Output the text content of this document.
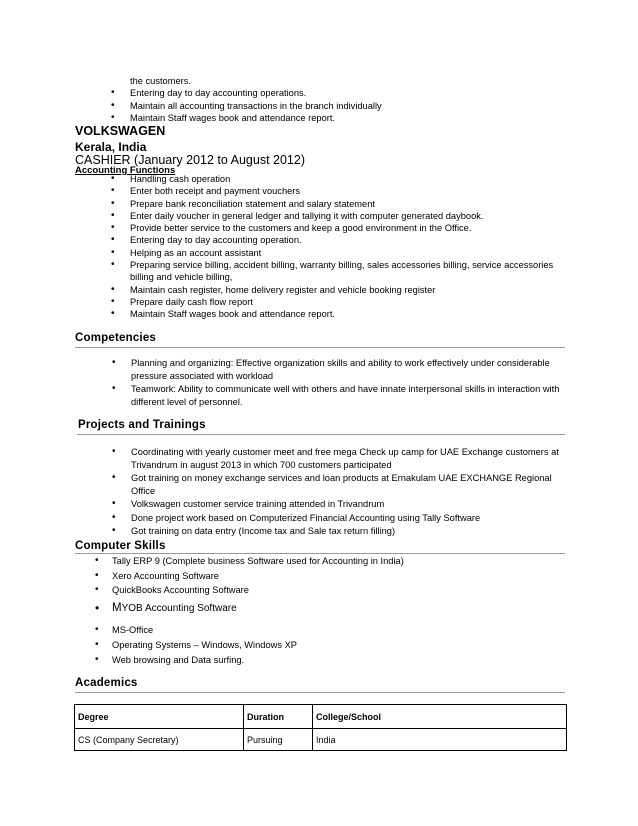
the customers.
• Entering day to day accounting operations.
• Maintain all accounting transactions in the branch individually
• Maintain Staff wages book and attendance report.
VOLKSWAGEN
Kerala, India
CASHIER (January 2012 to August 2012)
Accounting Functions
• Handling cash operation
• Enter both receipt and payment vouchers
• Prepare bank reconciliation statement and salary statement
• Enter daily voucher in general ledger and tallying it with computer generated daybook.
• Provide better service to the customers and keep a good environment in the Office.
• Entering day to day accounting operation.
• Helping as an account assistant
• Preparing service billing, accident billing, warranty billing, sales accessories billing, service accessories billing and vehicle billing,
• Maintain cash register, home delivery register and vehicle booking register
• Prepare daily cash flow report
• Maintain Staff wages book and attendance report.
Competencies
• Planning and organizing: Effective organization skills and ability to work effectively under considerable pressure associated with workload
• Teamwork: Ability to communicate well with others and have innate interpersonal skills in interaction with different level of personnel.
Projects and Trainings
• Coordinating with yearly customer meet and free mega Check up camp for UAE Exchange customers at Trivandrum in august 2013 in which 700 customers participated
• Got training on money exchange services and loan products at Ernakulam UAE EXCHANGE Regional Office
• Volkswagen customer service training attended in Trivandrum
• Done project work based on Computerized Financial Accounting using Tally Software
• Got training on data entry (Income tax and Sale tax return filling)
Computer Skills
• Tally ERP 9 (Complete business Software used for Accounting in India)
• Xero Accounting Software
• QuickBooks Accounting Software
• MYOB Accounting Software
• MS-Office
• Operating Systems – Windows, Windows XP
• Web browsing and Data surfing.
Academics
Degree	Duration	College/School
CS (Company Secretary)	Pursuing	India
